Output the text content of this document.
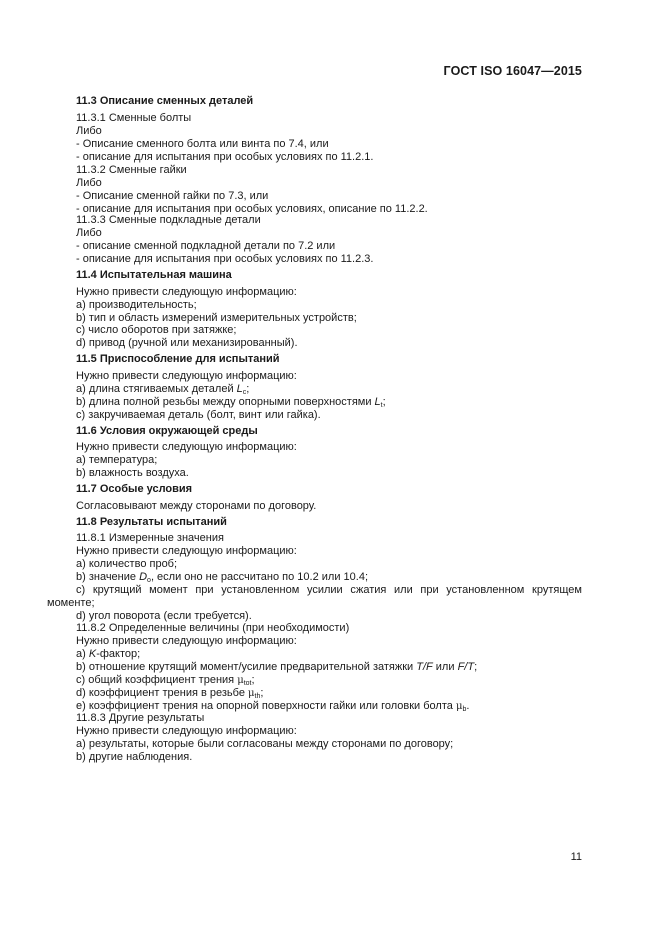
ГОСТ ISO 16047—2015
11.3 Описание сменных деталей
11.3.1 Сменные болты
Либо
- Описание сменного болта или винта по 7.4, или
- описание для испытания при особых условиях по 11.2.1.
11.3.2 Сменные гайки
Либо
- Описание сменной гайки по 7.3, или
- описание для испытания при особых условиях, описание по 11.2.2.
11.3.3 Сменные подкладные детали
Либо
- описание сменной подкладной детали по 7.2 или
- описание для испытания при особых условиях по 11.2.3.
11.4 Испытательная машина
Нужно привести следующую информацию:
a) производительность;
b) тип и область измерений измерительных устройств;
c) число оборотов при затяжке;
d) привод (ручной или механизированный).
11.5 Приспособление для испытаний
Нужно привести следующую информацию:
a) длина стягиваемых деталей $L_c$;
b) длина полной резьбы между опорными поверхностями $L_t$;
c) закручиваемая деталь (болт, винт или гайка).
11.6 Условия окружающей среды
Нужно привести следующую информацию:
a) температура;
b) влажность воздуха.
11.7 Особые условия
Согласовывают между сторонами по договору.
11.8 Результаты испытаний
11.8.1 Измеренные значения
Нужно привести следующую информацию:
a) количество проб;
b) значение $D_o$, если оно не рассчитано по 10.2 или 10.4;
c) крутящий момент при установленном усилии сжатия или при установленном крутящем
моменте;
d) угол поворота (если требуется).
11.8.2 Определенные величины (при необходимости)
Нужно привести следующую информацию:
a) K-фактор;
b) отношение крутящий момент/усилие предварительной затяжки T/F или F/T;
c) общий коэффициент трения $\mu_{tot}$;
d) коэффициент трения в резьбе $\mu_{th}$;
e) коэффициент трения на опорной поверхности гайки или головки болта $\mu_b$.
11.8.3 Другие результаты
Нужно привести следующую информацию:
a) результаты, которые были согласованы между сторонами по договору;
b) другие наблюдения.
11
